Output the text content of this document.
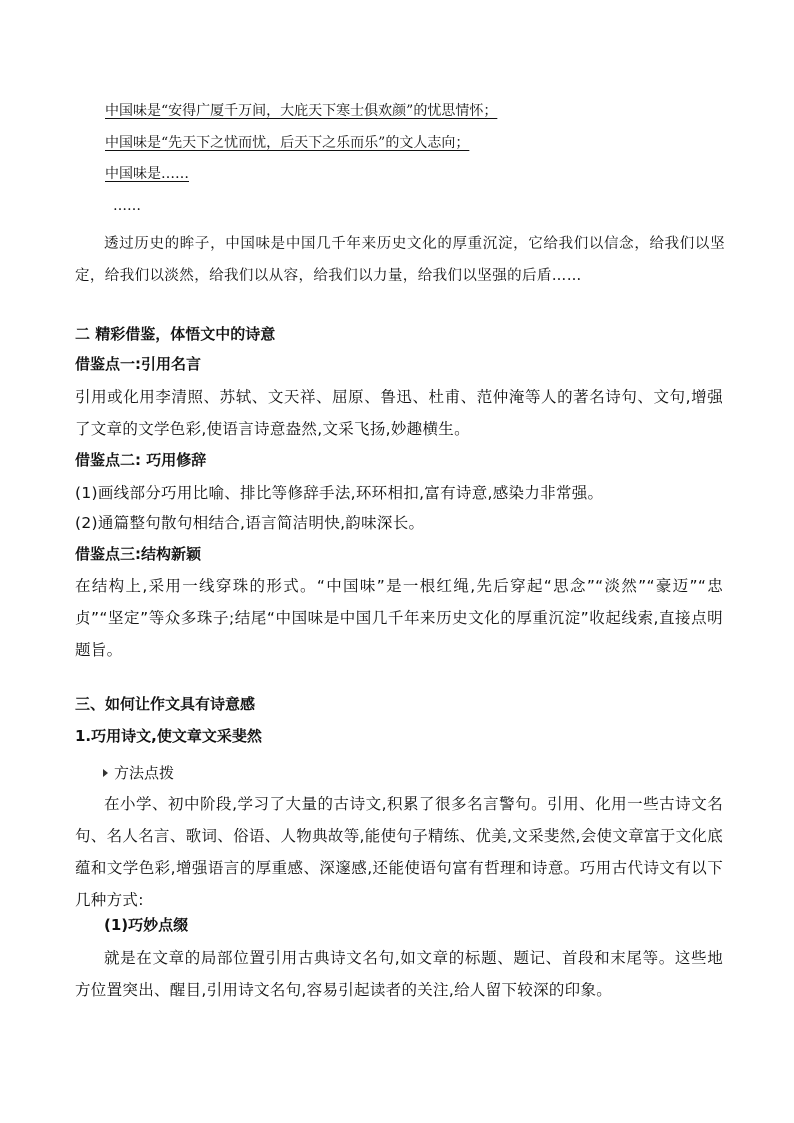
中国味是“安得广厦千万间，大庇天下寒士俱欢颜”的忧思情怀；
中国味是“先天下之忧而忧，后天下之乐而乐”的文人志向；
中国味是……
……
透过历史的眸子，中国味是中国几千年来历史文化的厚重沉淀，它给我们以信念，给我们以坚定，给我们以淡然，给我们以从容，给我们以力量，给我们以坚强的后盾……
二 精彩借鉴，体悟文中的诗意
借鉴点一:引用名言
引用或化用李清照、苏轼、文天祥、屈原、鲁迅、杜甫、范仲淹等人的著名诗句、文句,增强了文章的文学色彩,使语言诗意盎然,文采飞扬,妙趣横生。
借鉴点二: 巧用修辞
(1)画线部分巧用比喻、排比等修辞手法,环环相扣,富有诗意,感染力非常强。
(2)通篇整句散句相结合,语言简洁明快,韵味深长。
借鉴点三:结构新颖
在结构上,采用一线穿珠的形式。“中国味”是一根红绳,先后穿起“思念”“淡然”“豪迈”“忠贞”“坚定”等众多珠子;结尾“中国味是中国几千年来历史文化的厚重沉淀”收起线索,直接点明题旨。
三、如何让作文具有诗意感
1.巧用诗文,使文章文采斐然
方法点拨
在小学、初中阶段,学习了大量的古诗文,积累了很多名言警句。引用、化用一些古诗文名句、名人名言、歌词、俗语、人物典故等,能使句子精练、优美,文采斐然,会使文章富于文化底蕴和文学色彩,增强语言的厚重感、深邃感,还能使语句富有哲理和诗意。巧用古代诗文有以下几种方式:
(1)巧妙点缀
就是在文章的局部位置引用古典诗文名句,如文章的标题、题记、首段和末尾等。这些地方位置突出、醒目,引用诗文名句,容易引起读者的关注,给人留下较深的印象。
